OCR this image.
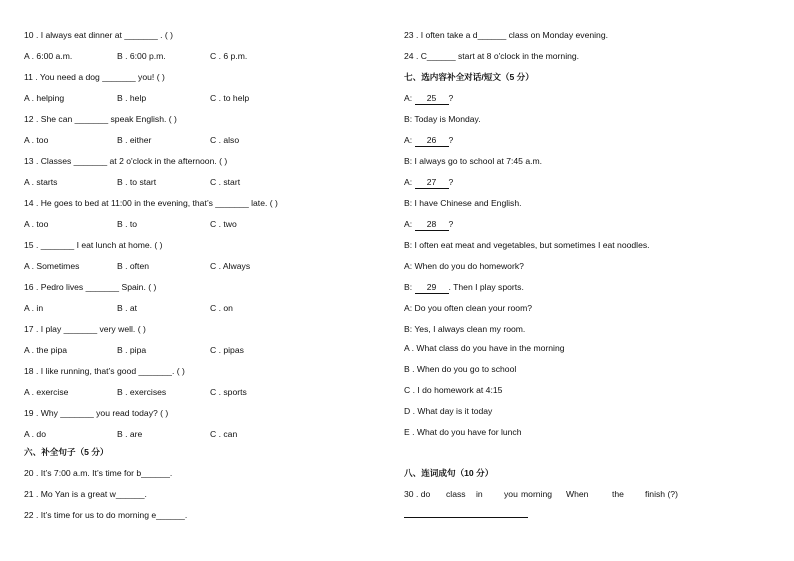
10 . I always eat dinner at _______ . ( )
A . 6:00 a.m.	B . 6:00 p.m.	C . 6 p.m.
11 . You need a dog _______ you! ( )
A . helping	B . help	C . to help
12 . She can _______ speak English. ( )
A . too	B . either	C . also
13 . Classes _______ at 2 o'clock in the afternoon. ( )
A . starts	B . to start	C . start
14 . He goes to bed at 11:00 in the evening, that’s _______ late. ( )
A . too	B . to	C . two
15 . _______ I eat lunch at home. ( )
A . Sometimes	B . often	C . Always
16 . Pedro lives _______ Spain. ( )
A . in	B . at	C . on
17 . I play _______ very well. ( )
A . the pipa	B . pipa	C . pipas
18 . I like running, that’s good _______. ( )
A . exercise	B . exercises	C . sports
19 . Why _______ you read today? ( )
A . do	B . are	C . can
六、补全句子（5 分）
20 . It’s 7:00 a.m. It’s time for b______.
21 . Mo Yan is a great w______.
22 . It’s time for us to do morning e______.
23 . I often take a d______ class on Monday evening.
24 . C______ start at 8 o'clock in the morning.
七、选内容补全对话/短文（5 分）
A: 25 ?
B: Today is Monday.
A: 26 ?
B: I always go to school at 7:45 a.m.
A: 27 ?
B: I have Chinese and English.
A: 28 ?
B: I often eat meat and vegetables, but sometimes I eat noodles.
A: When do you do homework?
B: 29 . Then I play sports.
A: Do you often clean your room?
B: Yes, I always clean my room.
A . What class do you have in the morning
B . When do you go to school
C . I do homework at 4:15
D . What day is it today
E . What do you have for lunch
八、连词成句（10 分）
30 . do class in you morning When	the finish (?)
